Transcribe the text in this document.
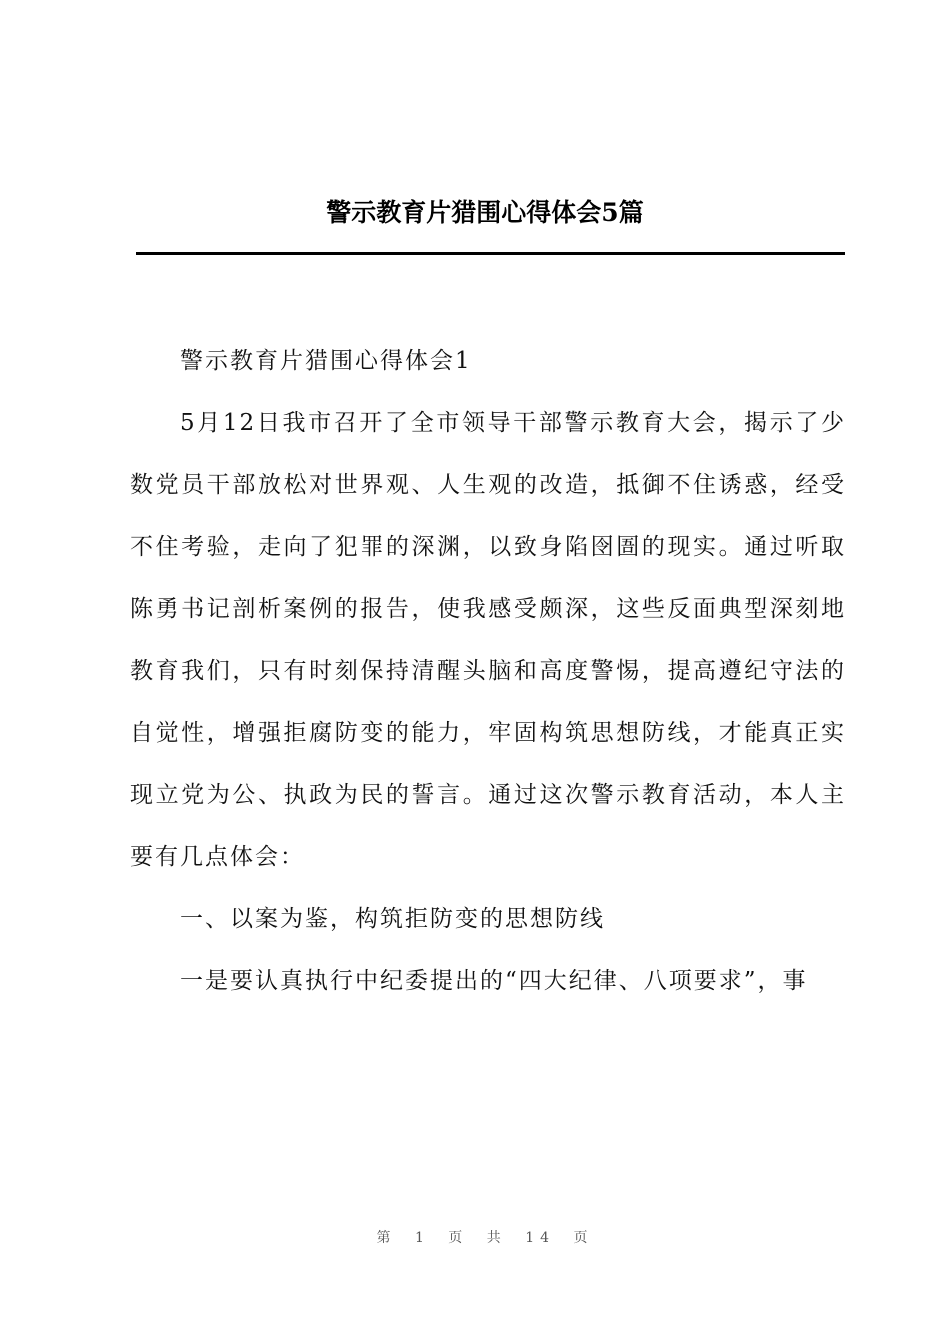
警示教育片猎围心得体会5篇

警示教育片猎围心得体会1

5月12日我市召开了全市领导干部警示教育大会，揭示了少数党员干部放松对世界观、人生观的改造，抵御不住诱惑，经受不住考验，走向了犯罪的深渊，以致身陷囹圄的现实。通过听取陈勇书记剖析案例的报告，使我感受颇深，这些反面典型深刻地教育我们，只有时刻保持清醒头脑和高度警惕，提高遵纪守法的自觉性，增强拒腐防变的能力，牢固构筑思想防线，才能真正实现立党为公、执政为民的誓言。通过这次警示教育活动，本人主要有几点体会：

一、以案为鉴，构筑拒防变的思想防线

一是要认真执行中纪委提出的“四大纪律、八项要求”，事

第 1 页 共 14 页
